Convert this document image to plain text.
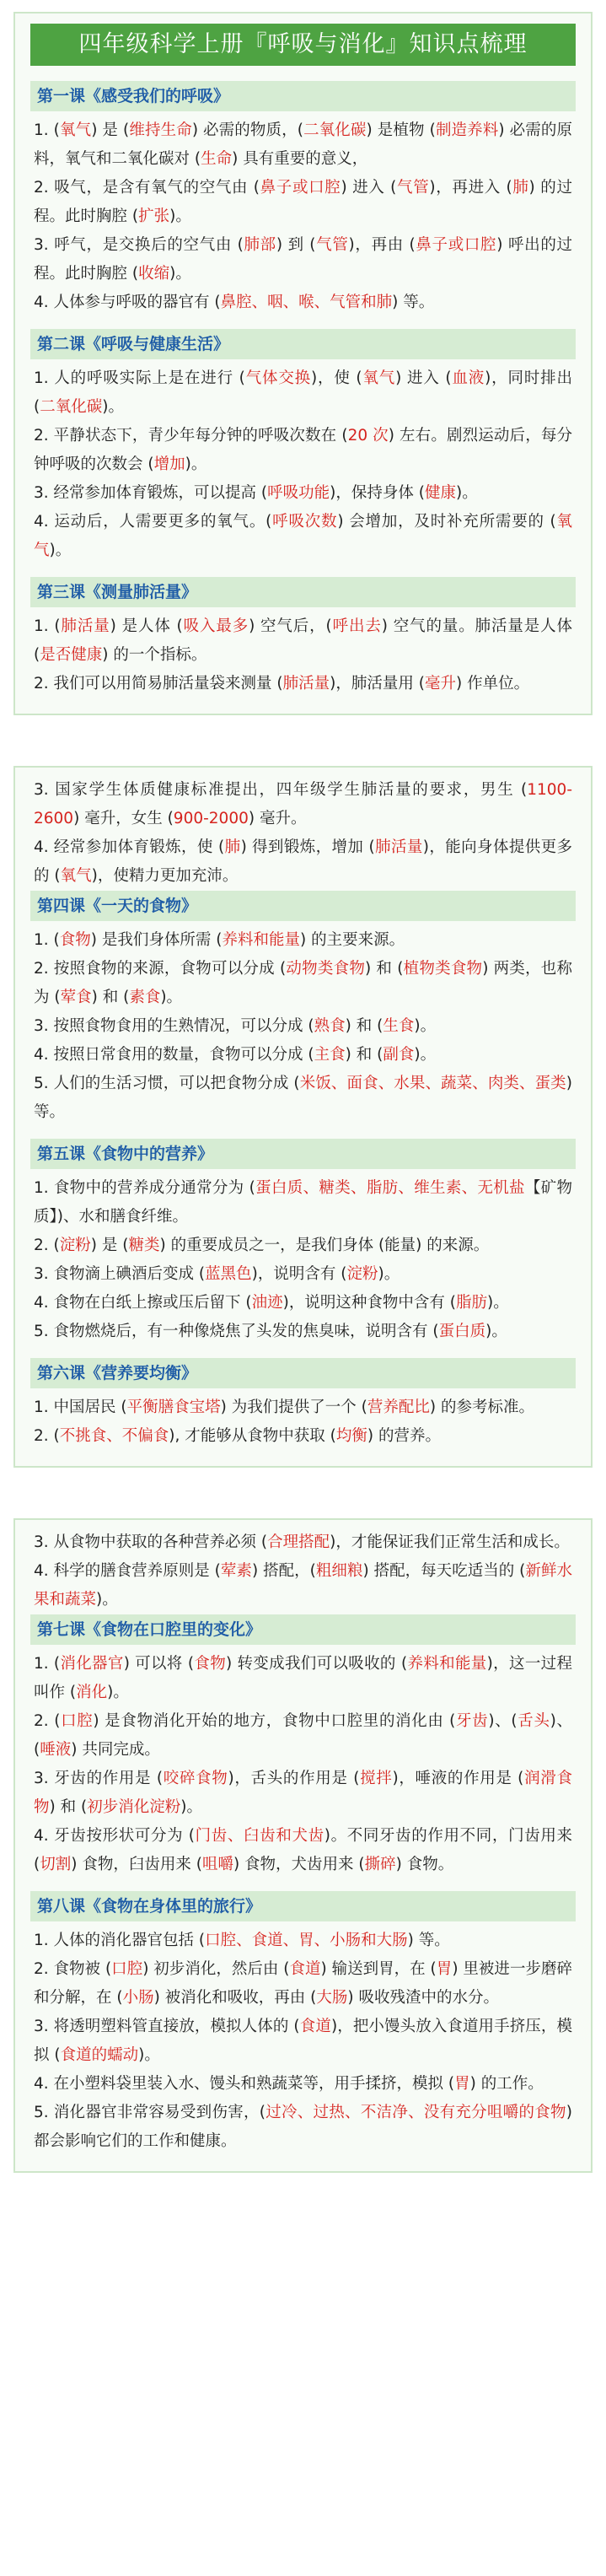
四年级科学上册『呼吸与消化』知识点梳理
第一课《感受我们的呼吸》
1. (氧气) 是 (维持生命) 必需的物质，(二氧化碳) 是植物 (制造养料) 必需的原料，氧气和二氧化碳对 (生命) 具有重要的意义，
2. 吸气，是含有氧气的空气由 (鼻子或口腔) 进入 (气管)，再进入 (肺) 的过程。此时胸腔 (扩张)。
3. 呼气，是交换后的空气由 (肺部) 到 (气管)，再由 (鼻子或口腔) 呼出的过程。此时胸腔 (收缩)。
4. 人体参与呼吸的器官有 (鼻腔、咽、喉、气管和肺) 等。
第二课《呼吸与健康生活》
1. 人的呼吸实际上是在进行 (气体交换)，使 (氧气) 进入 (血液)，同时排出 (二氧化碳)。
2. 平静状态下，青少年每分钟的呼吸次数在 (20 次) 左右。剧烈运动后，每分钟呼吸的次数会 (增加)。
3. 经常参加体育锻炼，可以提高 (呼吸功能)，保持身体 (健康)。
4. 运动后，人需要更多的氧气。(呼吸次数) 会增加，及时补充所需要的 (氧气)。
第三课《测量肺活量》
1. (肺活量) 是人体 (吸入最多) 空气后，(呼出去) 空气的量。肺活量是人体 (是否健康) 的一个指标。
2. 我们可以用简易肺活量袋来测量 (肺活量)，肺活量用 (毫升) 作单位。
3. 国家学生体质健康标准提出，四年级学生肺活量的要求，男生 (1100-2600) 毫升，女生 (900-2000) 毫升。
4. 经常参加体育锻炼，使 (肺) 得到锻炼，增加 (肺活量)，能向身体提供更多的 (氧气)，使精力更加充沛。
第四课《一天的食物》
1. (食物) 是我们身体所需 (养料和能量) 的主要来源。
2. 按照食物的来源，食物可以分成 (动物类食物) 和 (植物类食物) 两类，也称为 (荤食) 和 (素食)。
3. 按照食物食用的生熟情况，可以分成 (熟食) 和 (生食)。
4. 按照日常食用的数量，食物可以分成 (主食) 和 (副食)。
5. 人们的生活习惯，可以把食物分成 (米饭、面食、水果、蔬菜、肉类、蛋类) 等。
第五课《食物中的营养》
1. 食物中的营养成分通常分为 (蛋白质、糖类、脂肪、维生素、无机盐【矿物质】)、水和膳食纤维。
2. (淀粉) 是 (糖类) 的重要成员之一，是我们身体 (能量) 的来源。
3. 食物滴上碘酒后变成 (蓝黑色)，说明含有 (淀粉)。
4. 食物在白纸上擦或压后留下 (油迹)，说明这种食物中含有 (脂肪)。
5. 食物燃烧后，有一种像烧焦了头发的焦臭味，说明含有 (蛋白质)。
第六课《营养要均衡》
1. 中国居民 (平衡膳食宝塔) 为我们提供了一个 (营养配比) 的参考标准。
2. (不挑食、不偏食), 才能够从食物中获取 (均衡) 的营养。
3. 从食物中获取的各种营养必须 (合理搭配)，才能保证我们正常生活和成长。
4. 科学的膳食营养原则是 (荤素) 搭配，(粗细粮) 搭配，每天吃适当的 (新鲜水果和蔬菜)。
第七课《食物在口腔里的变化》
1. (消化器官) 可以将 (食物) 转变成我们可以吸收的 (养料和能量)，这一过程叫作 (消化)。
2. (口腔) 是食物消化开始的地方，食物中口腔里的消化由 (牙齿)、(舌头)、(唾液) 共同完成。
3. 牙齿的作用是 (咬碎食物)，舌头的作用是 (搅拌)，唾液的作用是 (润滑食物) 和 (初步消化淀粉)。
4. 牙齿按形状可分为 (门齿、臼齿和犬齿)。不同牙齿的作用不同，门齿用来 (切割) 食物，臼齿用来 (咀嚼) 食物，犬齿用来 (撕碎) 食物。
第八课《食物在身体里的旅行》
1. 人体的消化器官包括 (口腔、食道、胃、小肠和大肠) 等。
2. 食物被 (口腔) 初步消化，然后由 (食道) 输送到胃，在 (胃) 里被进一步磨碎和分解，在 (小肠) 被消化和吸收，再由 (大肠) 吸收残渣中的水分。
3. 将透明塑料管直接放，模拟人体的 (食道)，把小馒头放入食道用手挤压，模拟 (食道的蠕动)。
4. 在小塑料袋里装入水、馒头和熟蔬菜等，用手揉挤，模拟 (胃) 的工作。
5. 消化器官非常容易受到伤害，(过冷、过热、不洁净、没有充分咀嚼的食物) 都会影响它们的工作和健康。
